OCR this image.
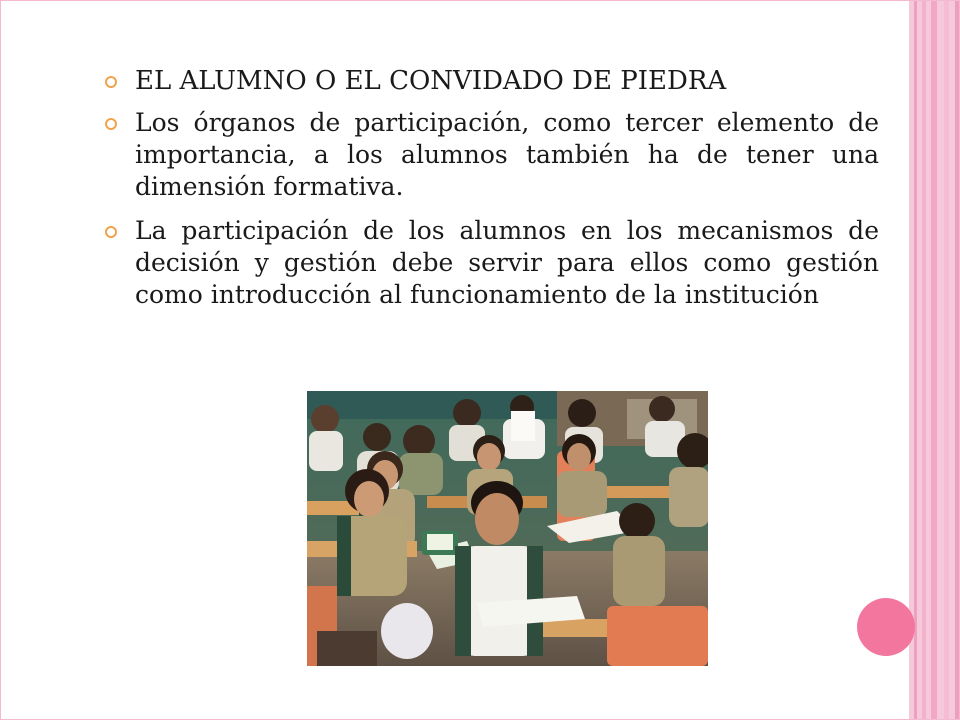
EL ALUMNO O EL CONVIDADO DE PIEDRA
Los órganos de participación, como tercer elemento de importancia, a los alumnos también ha de tener una dimensión formativa.
La participación de los alumnos en los mecanismos de decisión y gestión debe servir para ellos como gestión como introducción al funcionamiento de la institución
